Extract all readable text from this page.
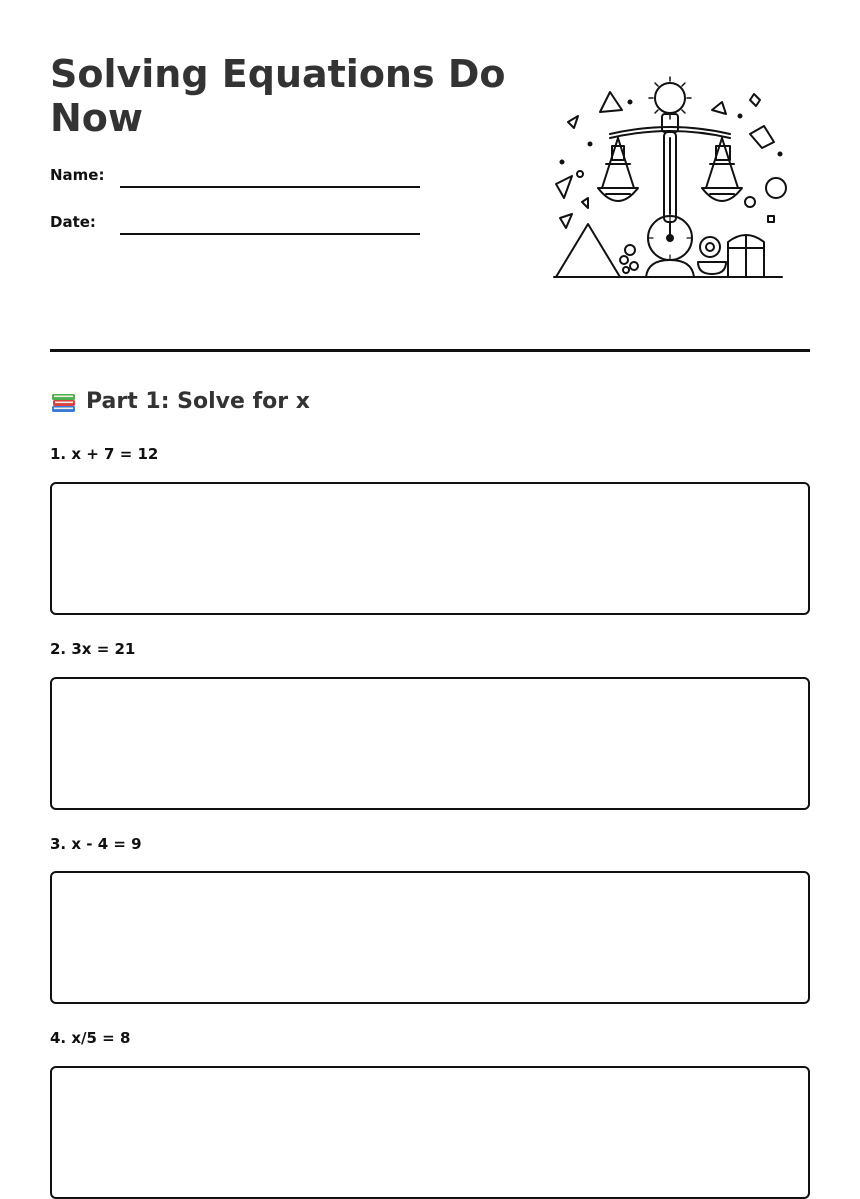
Solving Equations Do Now
Name:
Date:
Part 1: Solve for x
1. x + 7 = 12
2. 3x = 21
3. x - 4 = 9
4. x/5 = 8
